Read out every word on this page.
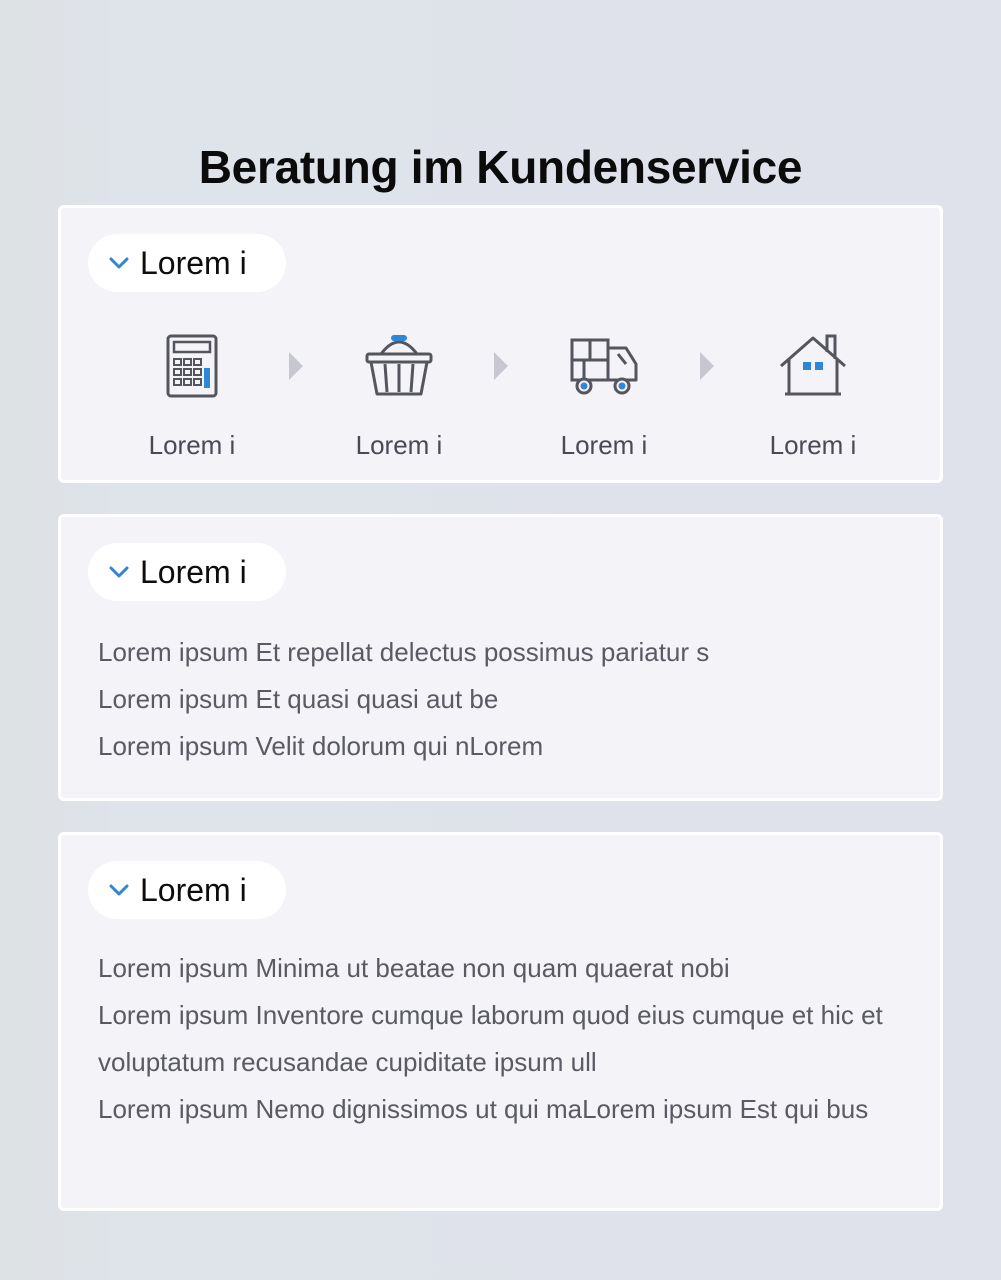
Beratung im Kundenservice
Lorem i
Lorem i	Lorem i	Lorem i	Lorem i
Lorem i

Lorem ipsum Et repellat delectus possimus pariatur s

Lorem ipsum Et quasi quasi aut be

Lorem ipsum Velit dolorum qui nLorem

Lorem i

Lorem ipsum Minima ut beatae non quam quaerat nobi

Lorem ipsum Inventore cumque laborum quod eius cumque et hic et voluptatum recusandae cupiditate ipsum ull

Lorem ipsum Nemo dignissimos ut qui maLorem ipsum Est qui bus
